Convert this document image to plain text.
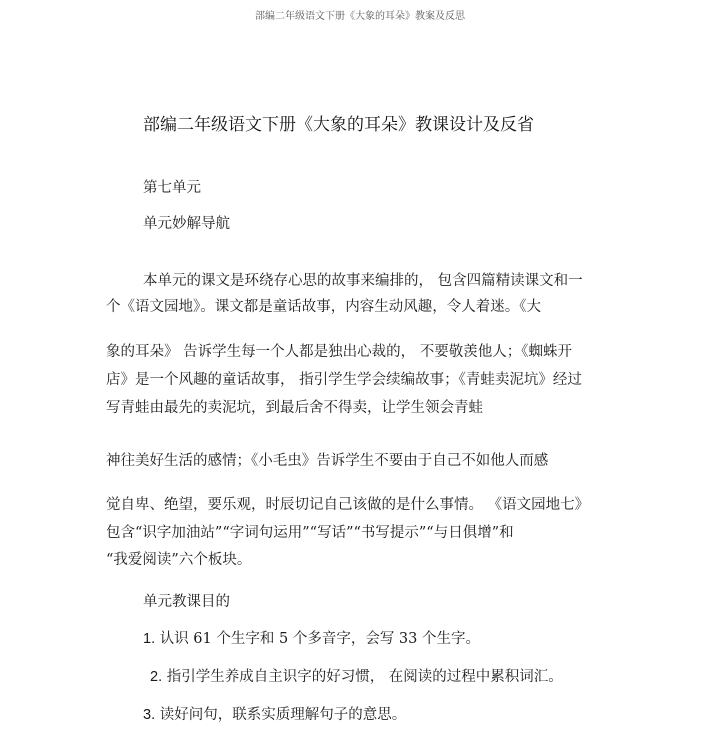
部编二年级语文下册《大象的耳朵》教案及反思
部编二年级语文下册《大象的耳朵》教课设计及反省
第七单元
单元妙解导航
本单元的课文是环绕存心思的故事来编排的， 包含四篇精读课文和一
个《语文园地》。课文都是童话故事，内容生动风趣，令人着迷。《大
象的耳朵》 告诉学生每一个人都是独出心裁的， 不要敬羡他人；《蜘蛛开
店》是一个风趣的童话故事， 指引学生学会续编故事；《青蛙卖泥坑》经过
写青蛙由最先的卖泥坑，到最后舍不得卖，让学生领会青蛙
神往美好生活的感情；《小毛虫》告诉学生不要由于自己不如他人而感
觉自卑、绝望，要乐观，时辰切记自己该做的是什么事情。 《语文园地七》
包含“识字加油站”“字词句运用”“写话”“书写提示”“与日俱增”和
“我爱阅读”六个板块。
单元教课目的
1. 认识 61 个生字和 5 个多音字，会写 33 个生字。
2. 指引学生养成自主识字的好习惯， 在阅读的过程中累积词汇。
3. 读好问句，联系实质理解句子的意思。
